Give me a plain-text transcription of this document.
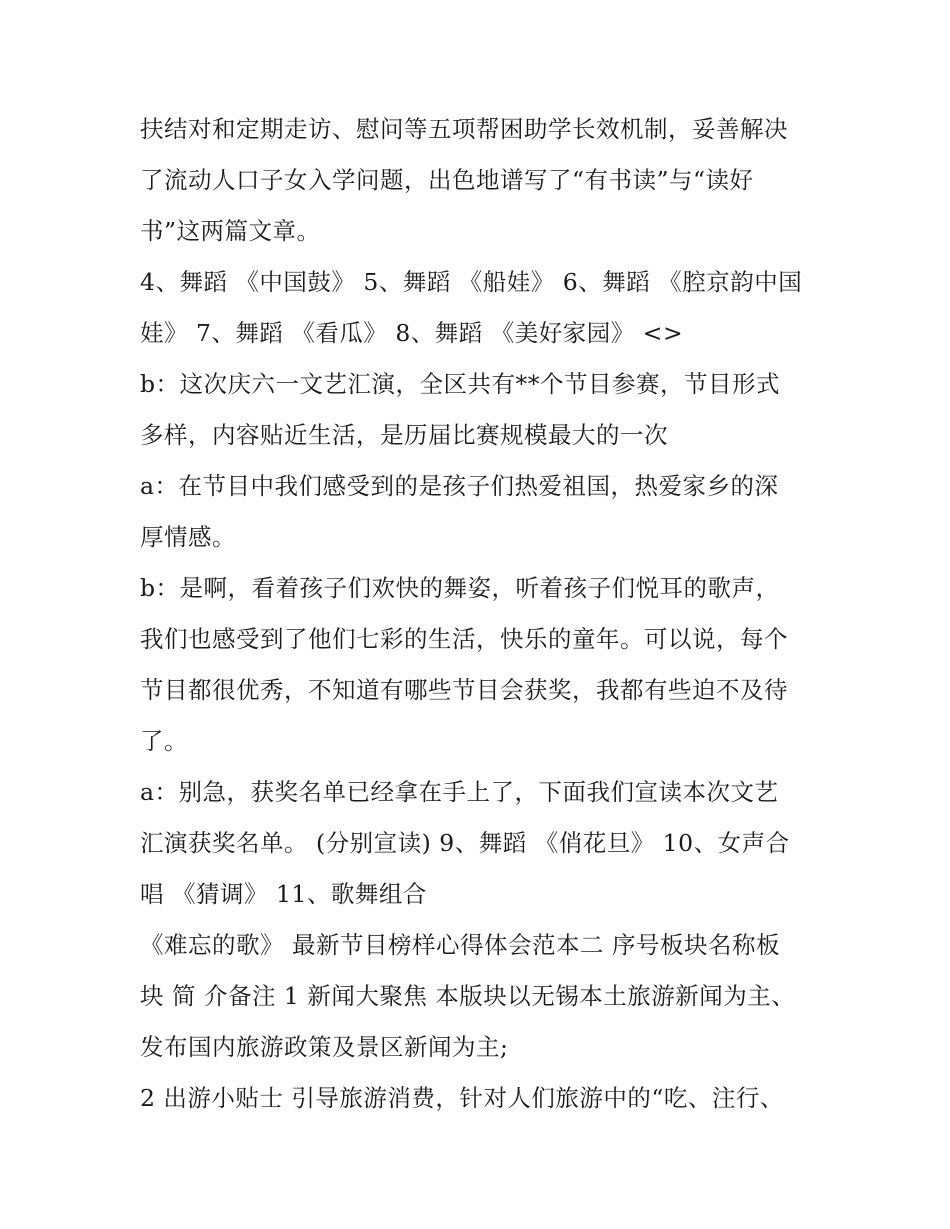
扶结对和定期走访、慰问等五项帮困助学长效机制，妥善解决
了流动人口子女入学问题，出色地谱写了“有书读”与“读好
书”这两篇文章。
4、舞蹈 《中国鼓》 5、舞蹈 《船娃》 6、舞蹈 《腔京韵中国
娃》 7、舞蹈 《看瓜》 8、舞蹈 《美好家园》 <>
b：这次庆六一文艺汇演，全区共有**个节目参赛，节目形式
多样，内容贴近生活，是历届比赛规模最大的一次
a：在节目中我们感受到的是孩子们热爱祖国，热爱家乡的深
厚情感。
b：是啊，看着孩子们欢快的舞姿，听着孩子们悦耳的歌声，
我们也感受到了他们七彩的生活，快乐的童年。可以说，每个
节目都很优秀，不知道有哪些节目会获奖，我都有些迫不及待
了。
a：别急，获奖名单已经拿在手上了，下面我们宣读本次文艺
汇演获奖名单。 (分别宣读) 9、舞蹈 《俏花旦》 10、女声合
唱 《猜调》 11、歌舞组合
《难忘的歌》 最新节目榜样心得体会范本二 序号板块名称板
块 简 介备注 1 新闻大聚焦 本版块以无锡本土旅游新闻为主、
发布国内旅游政策及景区新闻为主;
2 出游小贴士 引导旅游消费，针对人们旅游中的“吃、注行、
